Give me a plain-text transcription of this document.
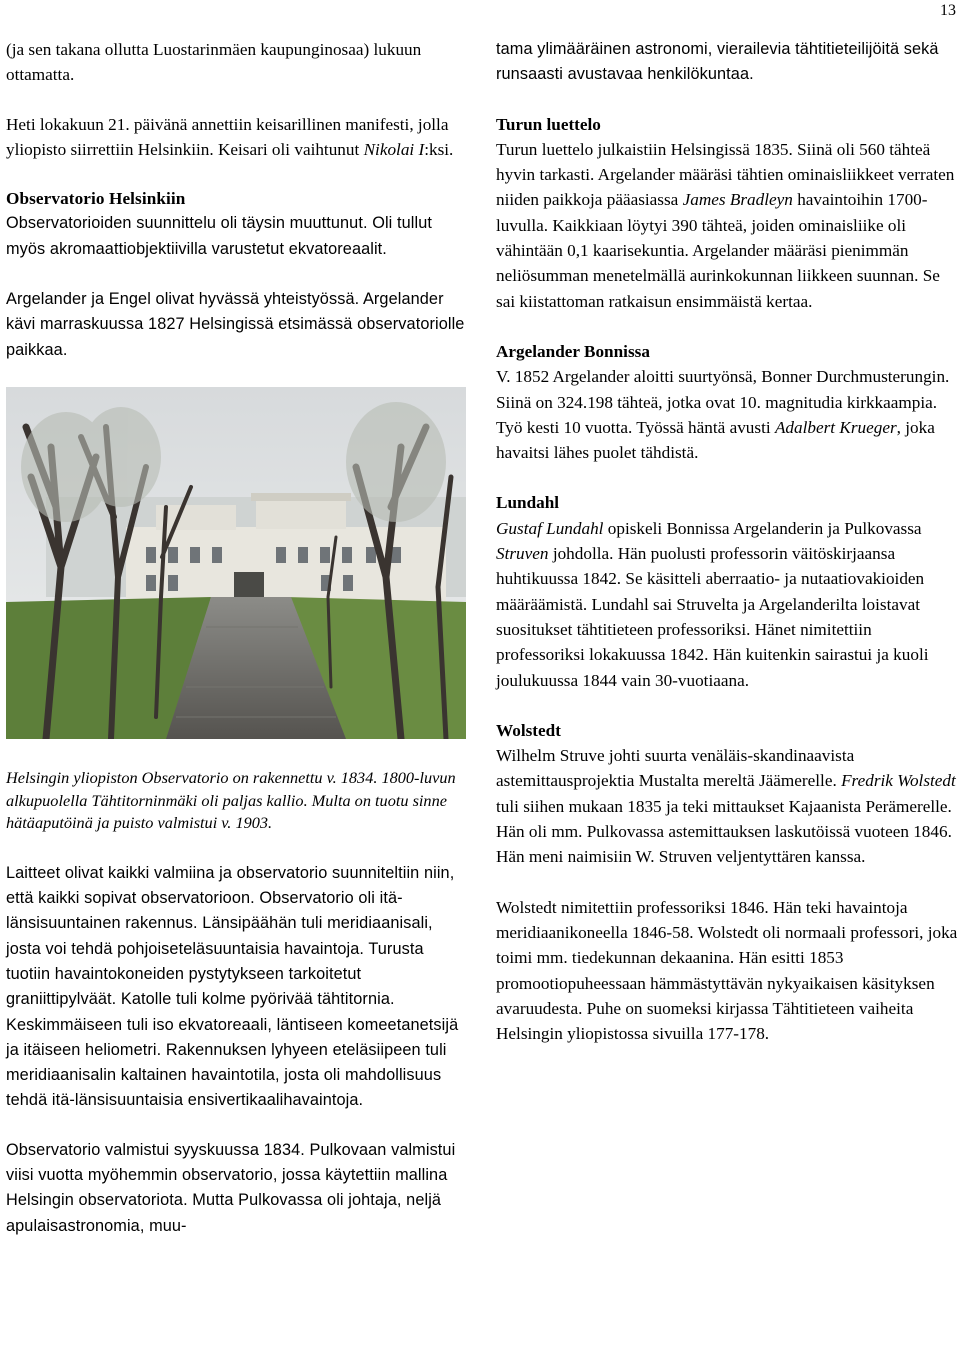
13

(ja sen takana ollutta Luostarinmäen kaupunginosaa) lukuun ottamatta.

Heti lokakuun 21. päivänä annettiin keisarillinen manifesti, jolla yliopisto siirrettiin Helsinkiin. Keisari oli vaihtunut Nikolai I:ksi.

Observatorio Helsinkiin
Observatorioiden suunnittelu oli täysin muuttunut. Oli tullut myös akromaattiobjektiivilla varustetut ekvatoreaalit.

Argelander ja Engel olivat hyvässä yhteistyössä. Argelander kävi marraskuussa 1827 Helsingissä etsimässä observatoriolle paikkaa.

Helsingin yliopiston Observatorio on rakennettu v. 1834. 1800-luvun alkupuolella Tähtitorninmäki oli paljas kallio. Multa on tuotu sinne hätäaputöinä ja puisto valmistui v. 1903.

Laitteet olivat kaikki valmiina ja observatorio suunniteltiin niin, että kaikki sopivat observatorioon. Observatorio oli itä-länsisuuntainen rakennus. Länsipäähän tuli meridiaanisali, josta voi tehdä pohjoiseteläsuuntaisia havaintoja. Turusta tuotiin havaintokoneiden pystytykseen tarkoitetut graniittipylväät. Katolle tuli kolme pyörivää tähtitornia. Keskimmäiseen tuli iso ekvatoreaali, läntiseen komeetanetsijä ja itäiseen heliometri. Rakennuksen lyhyeen eteläsiipeen tuli meridiaanisalin kaltainen havaintotila, josta oli mahdollisuus tehdä itä-länsisuuntaisia ensivertikaalihavaintoja.

Observatorio valmistui syyskuussa 1834. Pulkovaan valmistui viisi vuotta myöhemmin observatorio, jossa käytettiin mallina Helsingin observatoriota. Mutta Pulkovassa oli johtaja, neljä apulaisastronomia, muu-

tama ylimääräinen astronomi, vierailevia tähtitieteilijöitä sekä runsaasti avustavaa henkilökuntaa.

Turun luettelo
Turun luettelo julkaistiin Helsingissä 1835. Siinä oli 560 tähteä hyvin tarkasti. Argelander määräsi tähtien ominaisliikkeet verraten niiden paikkoja pääasiassa James Bradleyn havaintoihin 1700-luvulla. Kaikkiaan löytyi 390 tähteä, joiden ominaisliike oli vähintään 0,1 kaarisekuntia. Argelander määräsi pienimmän neliösumman menetelmällä aurinkokunnan liikkeen suunnan. Se sai kiistattoman ratkaisun ensimmäistä kertaa.
Argelander Bonnissa
V. 1852 Argelander aloitti suurtyönsä, Bonner Durchmusterungin. Siinä on 324.198 tähteä, jotka ovat 10. magnitudia kirkkaampia. Työ kesti 10 vuotta. Työssä häntä avusti Adalbert Krueger, joka havaitsi lähes puolet tähdistä.
Lundahl
Gustaf Lundahl opiskeli Bonnissa Argelanderin ja Pulkovassa Struven johdolla. Hän puolusti professorin väitöskirjaansa huhtikuussa 1842. Se käsitteli aberraatio- ja nutaatiovakioiden määräämistä. Lundahl sai Struvelta ja Argelanderilta loistavat suositukset tähtitieteen professoriksi. Hänet nimitettiin professoriksi lokakuussa 1842. Hän kuitenkin sairastui ja kuoli joulukuussa 1844 vain 30-vuotiaana.
Wolstedt
Wilhelm Struve johti suurta venäläis-skandinaavista astemittausprojektia Mustalta mereltä Jäämerelle. Fredrik Wolstedt tuli siihen mukaan 1835 ja teki mittaukset Kajaanista Perämerelle. Hän oli mm. Pulkovassa astemittauksen laskutöissä vuoteen 1846. Hän meni naimisiin W. Struven veljentyttären kanssa.

Wolstedt nimitettiin professoriksi 1846. Hän teki havaintoja meridiaanikoneella 1846-58. Wolstedt oli normaali professori, joka toimi mm. tiedekunnan dekaanina. Hän esitti 1853 promootiopuheessaan hämmästyttävän nykyaikaisen käsityksen avaruudesta. Puhe on suomeksi kirjassa Tähtitieteen vaiheita Helsingin yliopistossa sivuilla 177-178.
